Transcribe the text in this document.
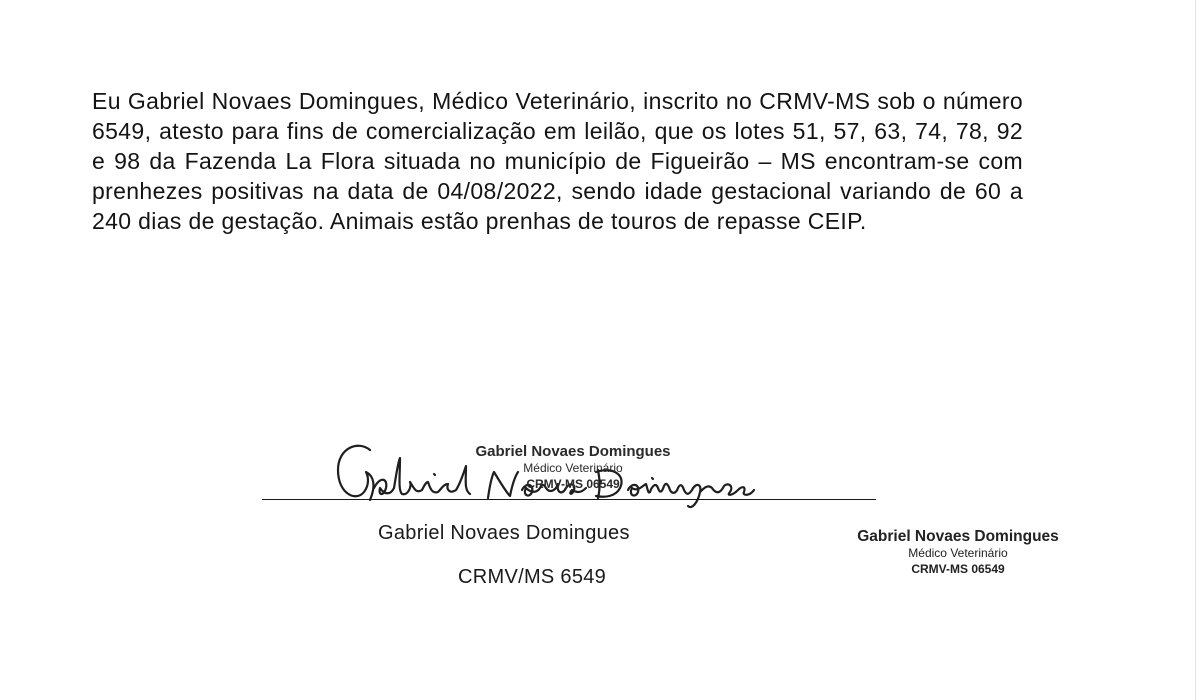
Eu Gabriel Novaes Domingues, Médico Veterinário, inscrito no CRMV-MS sob o número 6549, atesto para fins de comercialização em leilão, que os lotes 51, 57, 63, 74, 78, 92 e 98 da Fazenda La Flora situada no município de Figueirão – MS encontram-se com prenhezes positivas na data de 04/08/2022, sendo idade gestacional variando de 60 a 240 dias de gestação. Animais estão prenhas de touros de repasse CEIP.

Gabriel Novaes Domingues
Médico Veterinário
CRMV-MS 06549
Gabriel Novaes Domingues
CRMV/MS 6549
Gabriel Novaes Domingues
Médico Veterinário
CRMV-MS 06549
